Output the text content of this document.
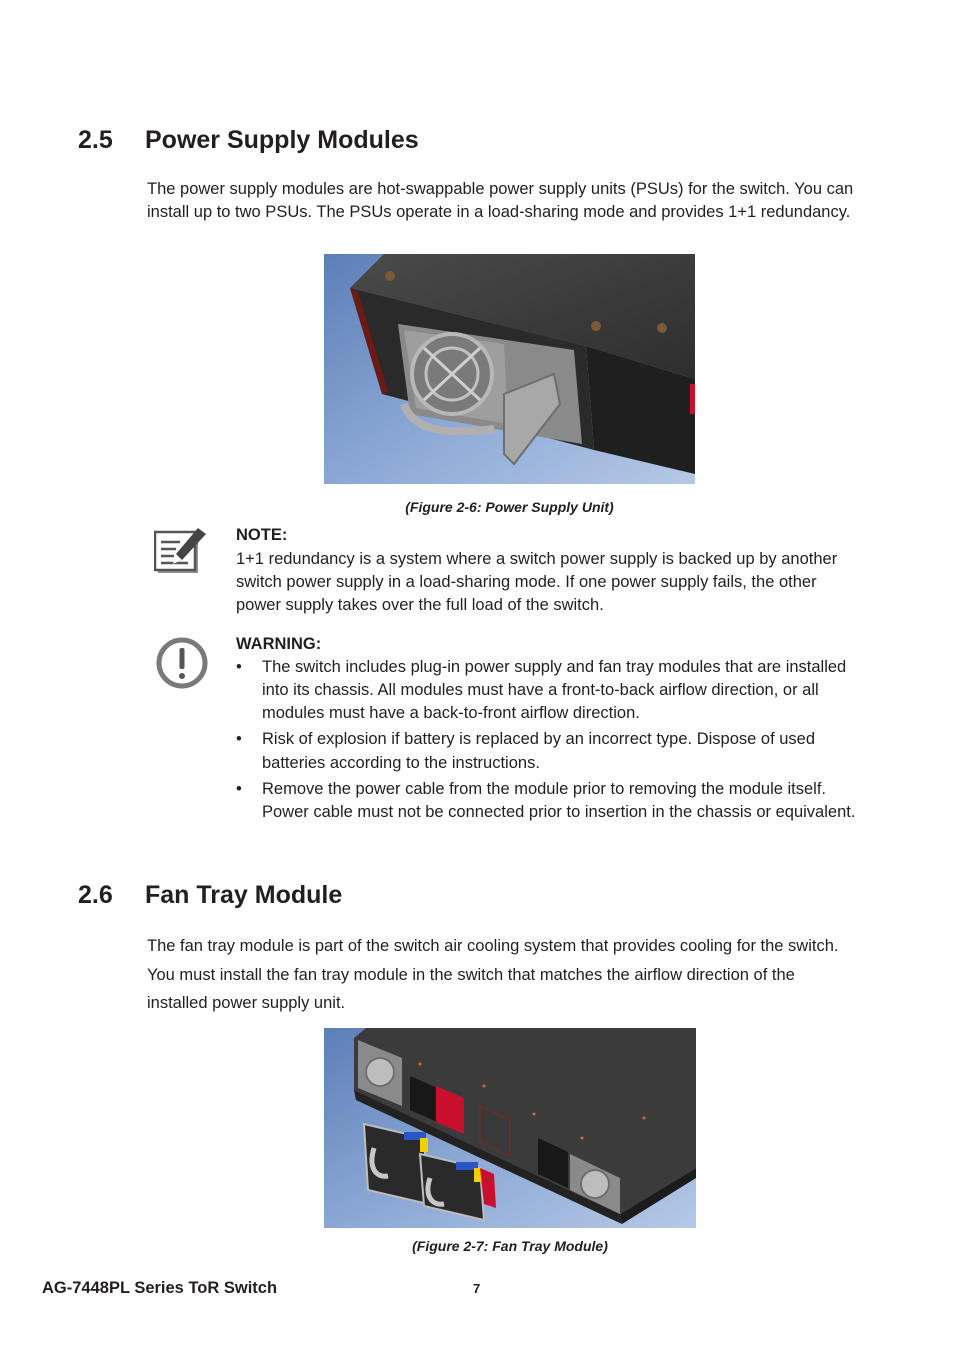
2.5 Power Supply Modules

The power supply modules are hot-swappable power supply units (PSUs) for the switch. You can install up to two PSUs. The PSUs operate in a load-sharing mode and provides 1+1 redundancy.

(Figure 2-6: Power Supply Unit)

NOTE:

1+1 redundancy is a system where a switch power supply is backed up by another switch power supply in a load-sharing mode. If one power supply fails, the other power supply takes over the full load of the switch.

WARNING:

• The switch includes plug-in power supply and fan tray modules that are installed into its chassis. All modules must have a front-to-back airflow direction, or all modules must have a back-to-front airflow direction.
• Risk of explosion if battery is replaced by an incorrect type. Dispose of used batteries according to the instructions.
• Remove the power cable from the module prior to removing the module itself. Power cable must not be connected prior to insertion in the chassis or equivalent.
2.6 Fan Tray Module

The fan tray module is part of the switch air cooling system that provides cooling for the switch. You must install the fan tray module in the switch that matches the airflow direction of the installed power supply unit.

(Figure 2-7: Fan Tray Module)

AG-7448PL Series ToR Switch	7
